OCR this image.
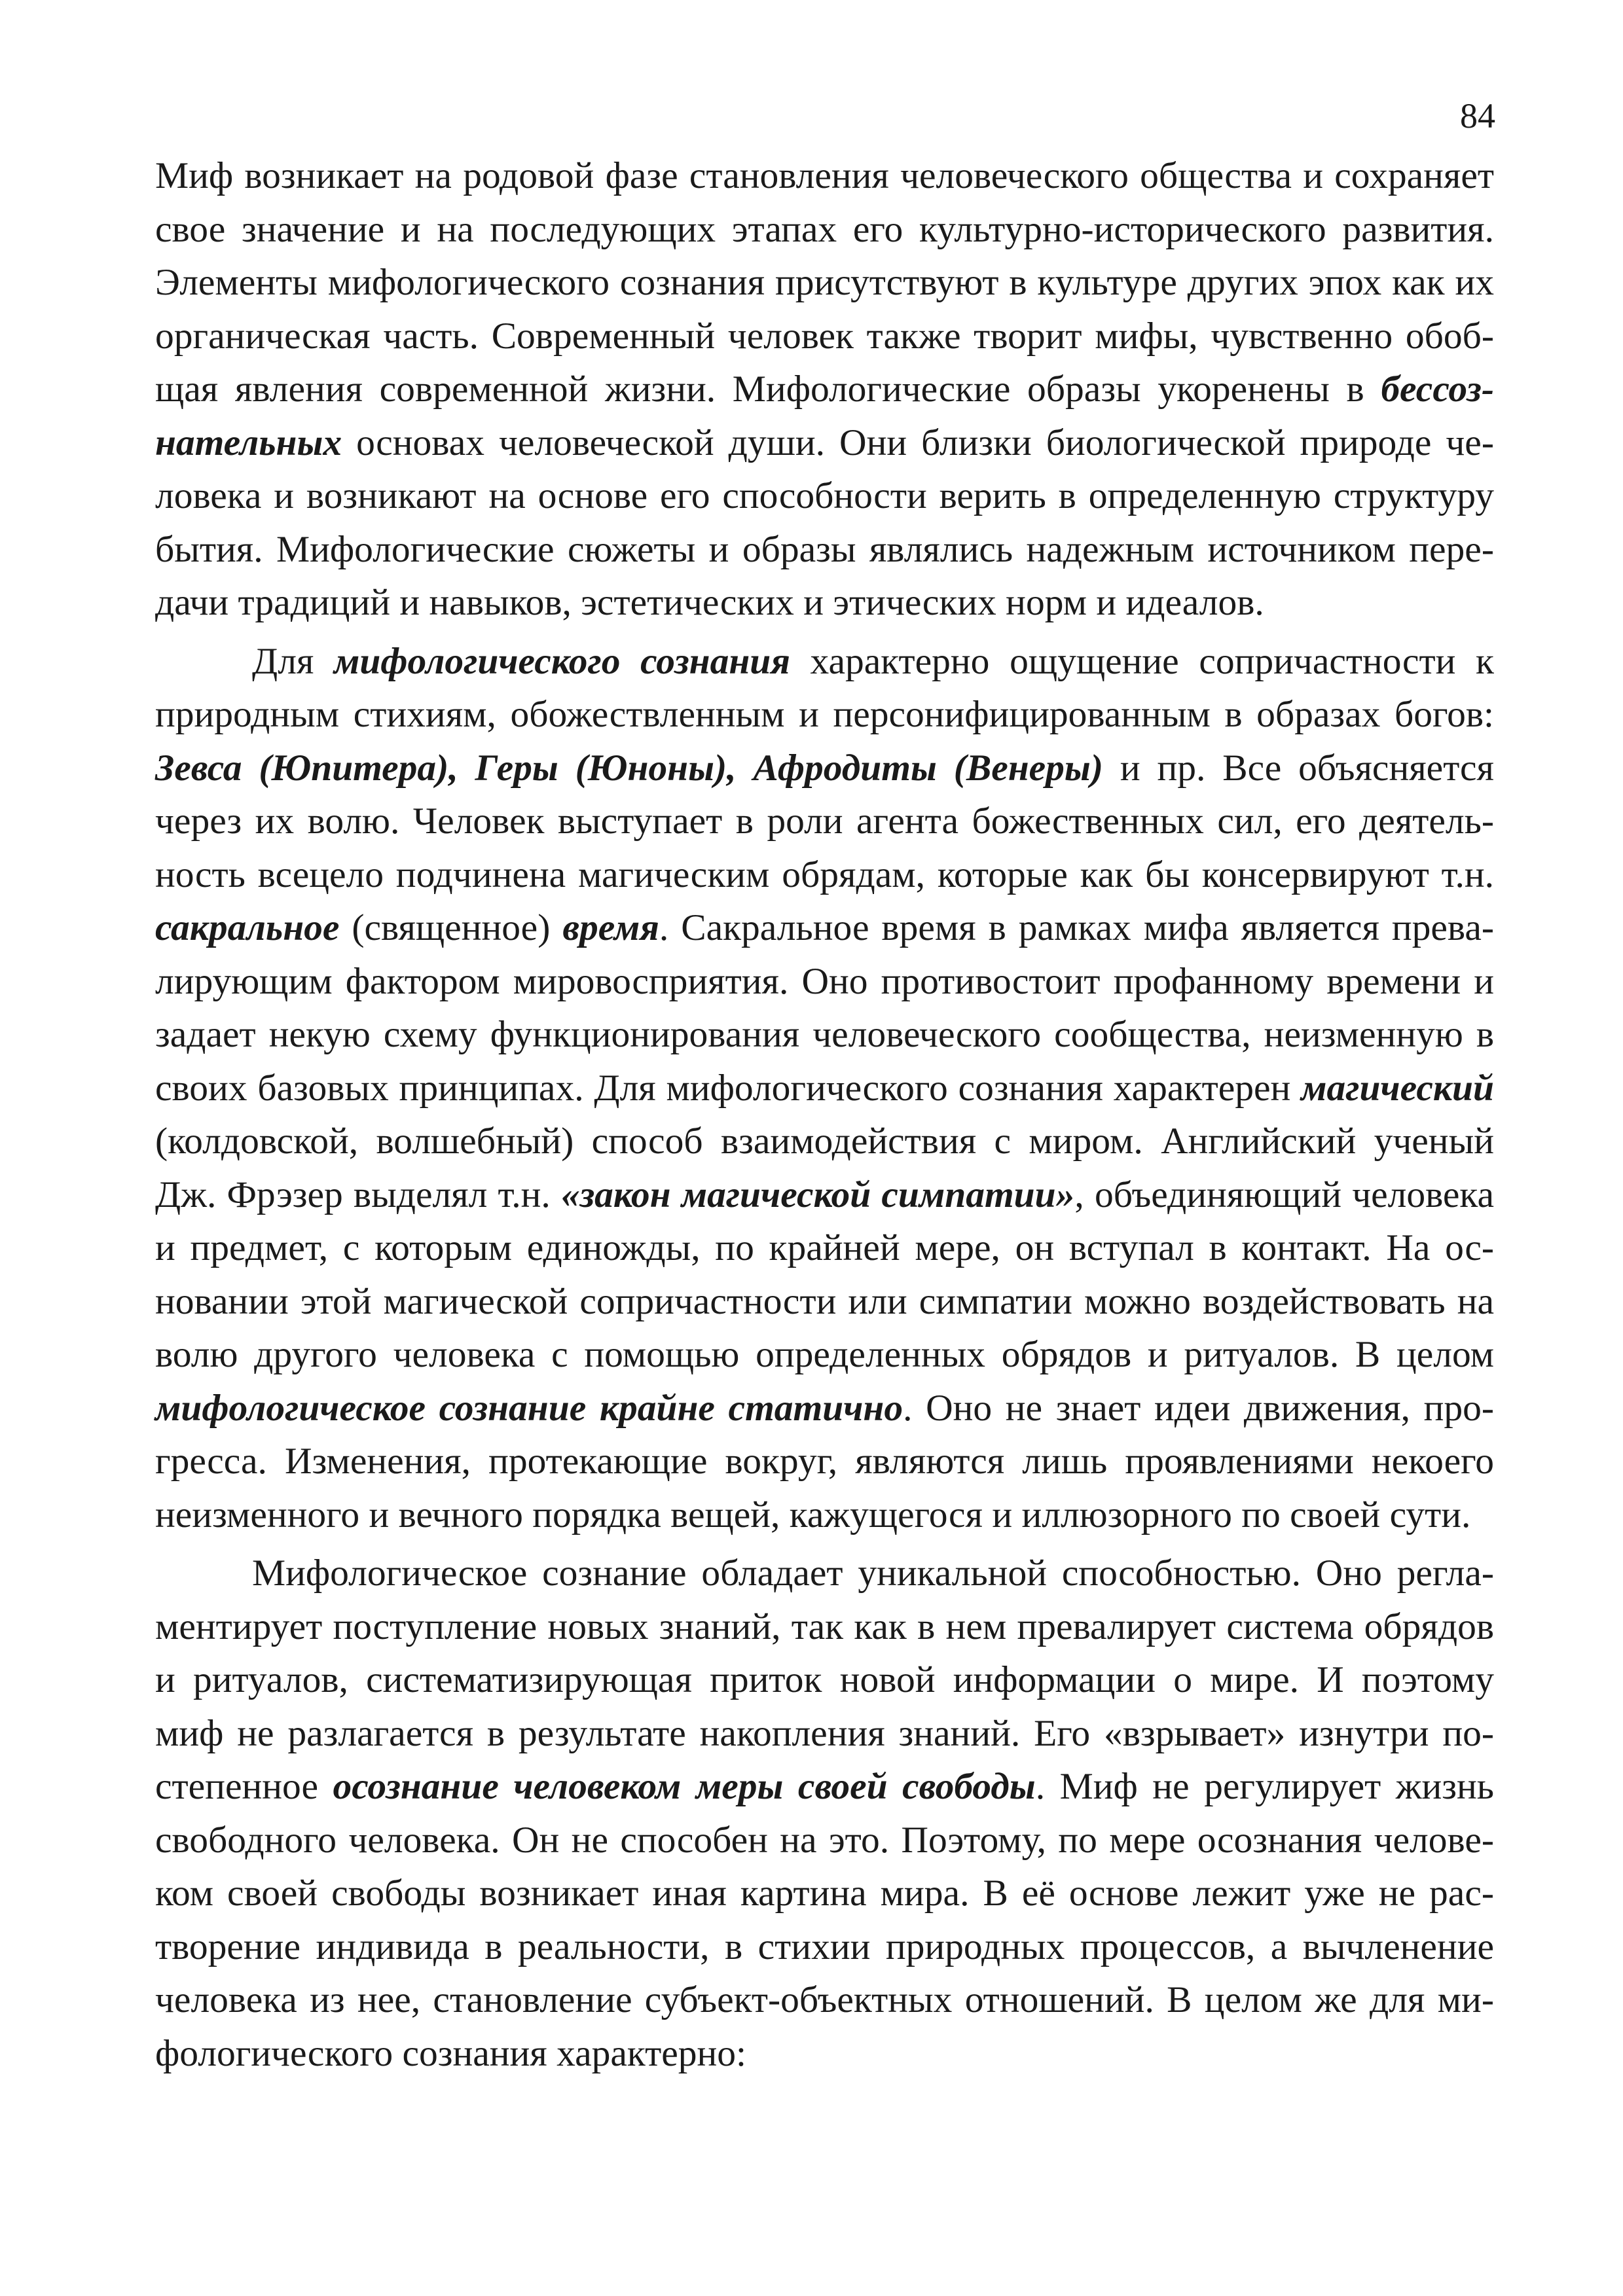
84

Миф возникает на родовой фазе становления человеческого общества и сохраняет свое значение и на последующих этапах его культурно-исторического развития. Элементы мифологического сознания присутствуют в культуре других эпох как их органическая часть. Современный человек также творит мифы, чувственно обобщая явления современной жизни. Мифологические образы укоренены в бессознательных основах человеческой души. Они близки биологической природе человека и возникают на основе его способности верить в определенную структуру бытия. Мифологические сюжеты и образы являлись надежным источником передачи традиций и навыков, эстетических и этических норм и идеалов.

Для мифологического сознания характерно ощущение сопричастности к природным стихиям, обожествленным и персонифицированным в образах богов: Зевса (Юпитера), Геры (Юноны), Афродиты (Венеры) и пр. Все объясняется через их волю. Человек выступает в роли агента божественных сил, его деятельность всецело подчинена магическим обрядам, которые как бы консервируют т.н. сакральное (священное) время. Сакральное время в рамках мифа является превалирующим фактором мировосприятия. Оно противостоит профанному времени и задает некую схему функционирования человеческого сообщества, неизменную в своих базовых принципах. Для мифологического сознания характерен магический (колдовской, волшебный) способ взаимодействия с миром. Английский ученый Дж. Фрэзер выделял т.н. «закон магической симпатии», объединяющий человека и предмет, с которым единожды, по крайней мере, он вступал в контакт. На основании этой магической сопричастности или симпатии можно воздействовать на волю другого человека с помощью определенных обрядов и ритуалов. В целом мифологическое сознание крайне статично. Оно не знает идеи движения, прогресса. Изменения, протекающие вокруг, являются лишь проявлениями некоего неизменного и вечного порядка вещей, кажущегося и иллюзорного по своей сути.

Мифологическое сознание обладает уникальной способностью. Оно регламентирует поступление новых знаний, так как в нем превалирует система обрядов и ритуалов, систематизирующая приток новой информации о мире. И поэтому миф не разлагается в результате накопления знаний. Его «взрывает» изнутри постепенное осознание человеком меры своей свободы. Миф не регулирует жизнь свободного человека. Он не способен на это. Поэтому, по мере осознания человеком своей свободы возникает иная картина мира. В её основе лежит уже не растворение индивида в реальности, в стихии природных процессов, а вычленение человека из нее, становление субъект-объектных отношений. В целом же для мифологического сознания характерно:
